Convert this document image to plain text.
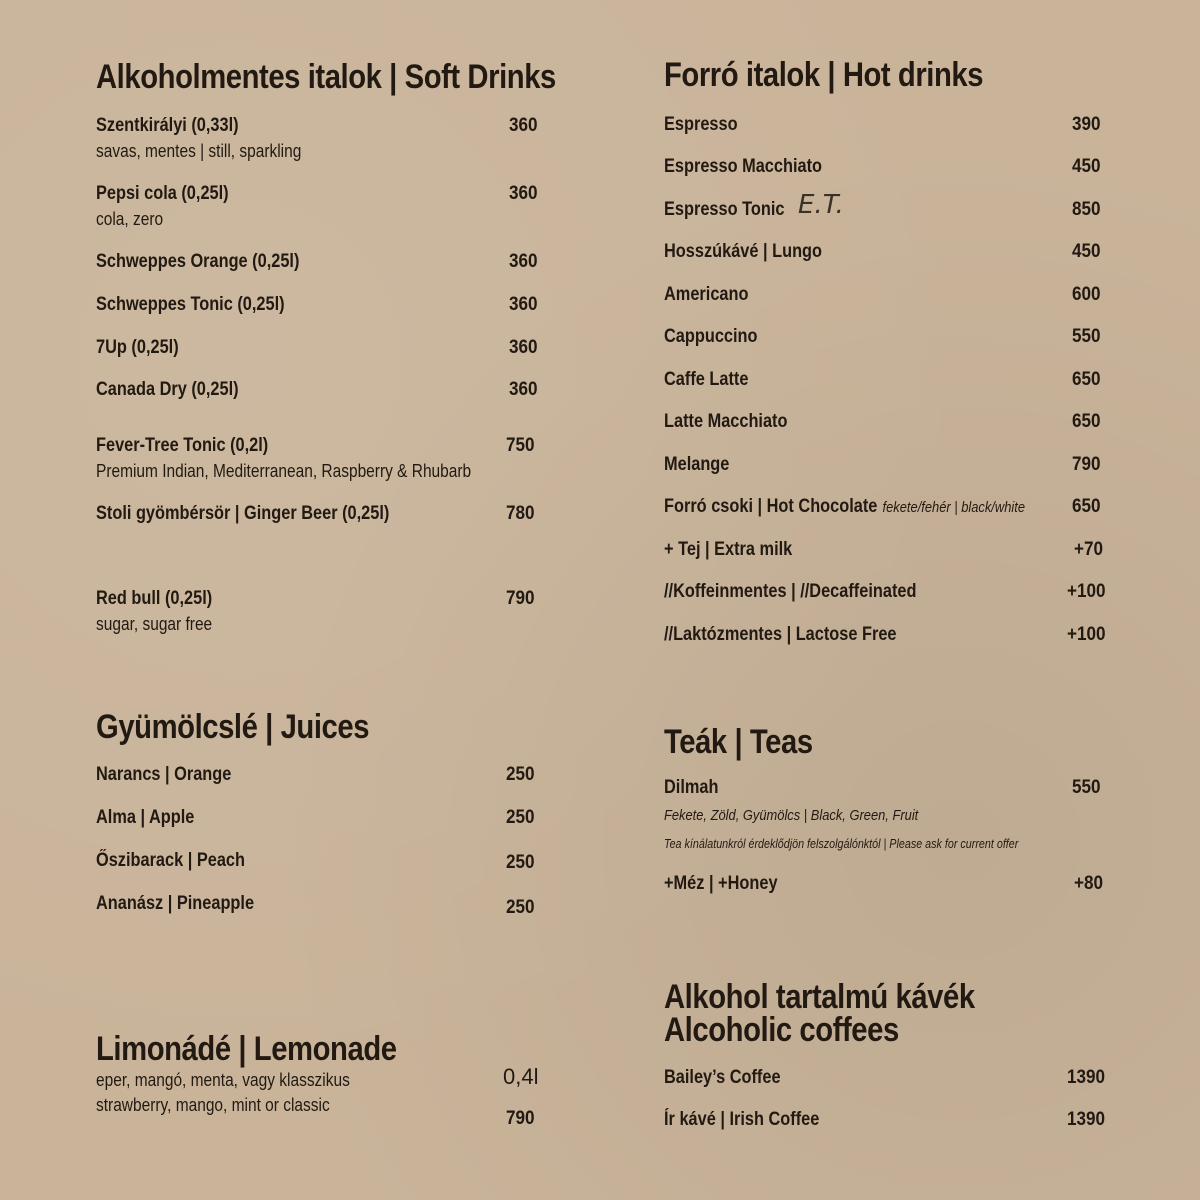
Alkoholmentes italok | Soft Drinks
Szentkirályi (0,33l)	360
savas, mentes | still, sparkling
Pepsi cola (0,25l)	360
cola, zero
Schweppes Orange (0,25l)	360
Schweppes Tonic (0,25l)	360
7Up (0,25l)	360
Canada Dry (0,25l)	360
Fever-Tree Tonic (0,2l)	750
Premium Indian, Mediterranean, Raspberry & Rhubarb
Stoli gyömbérsör | Ginger Beer (0,25l)	780
Red bull (0,25l)	790
sugar, sugar free
Gyümölcslé | Juices
Narancs | Orange	250
Alma | Apple	250
Őszibarack | Peach	250
Ananász | Pineapple	250
Limonádé | Lemonade
eper, mangó, menta, vagy klasszikus
strawberry, mango, mint or classic
0,4l
790
Forró italok | Hot drinks
Espresso	390
Espresso Macchiato	450
Espresso Tonic E.T.	850
Hosszúkávé | Lungo	450
Americano	600
Cappuccino	550
Caffe Latte	650
Latte Macchiato	650
Melange	790
Forró csoki | Hot Chocolate fekete/fehér | black/white 650
+ Tej | Extra milk	+70
//Koffeinmentes | //Decaffeinated	+100
//Laktózmentes | Lactose Free	+100
Teák | Teas
Dilmah	550
Fekete, Zöld, Gyümölcs | Black, Green, Fruit
Tea kínálatunkról érdeklődjön felszolgálónktól | Please ask for current offer
+Méz | +Honey	+80
Alkohol tartalmú kávék
Alcoholic coffees
Bailey’s Coffee	1390
Ír kávé | Irish Coffee	1390
